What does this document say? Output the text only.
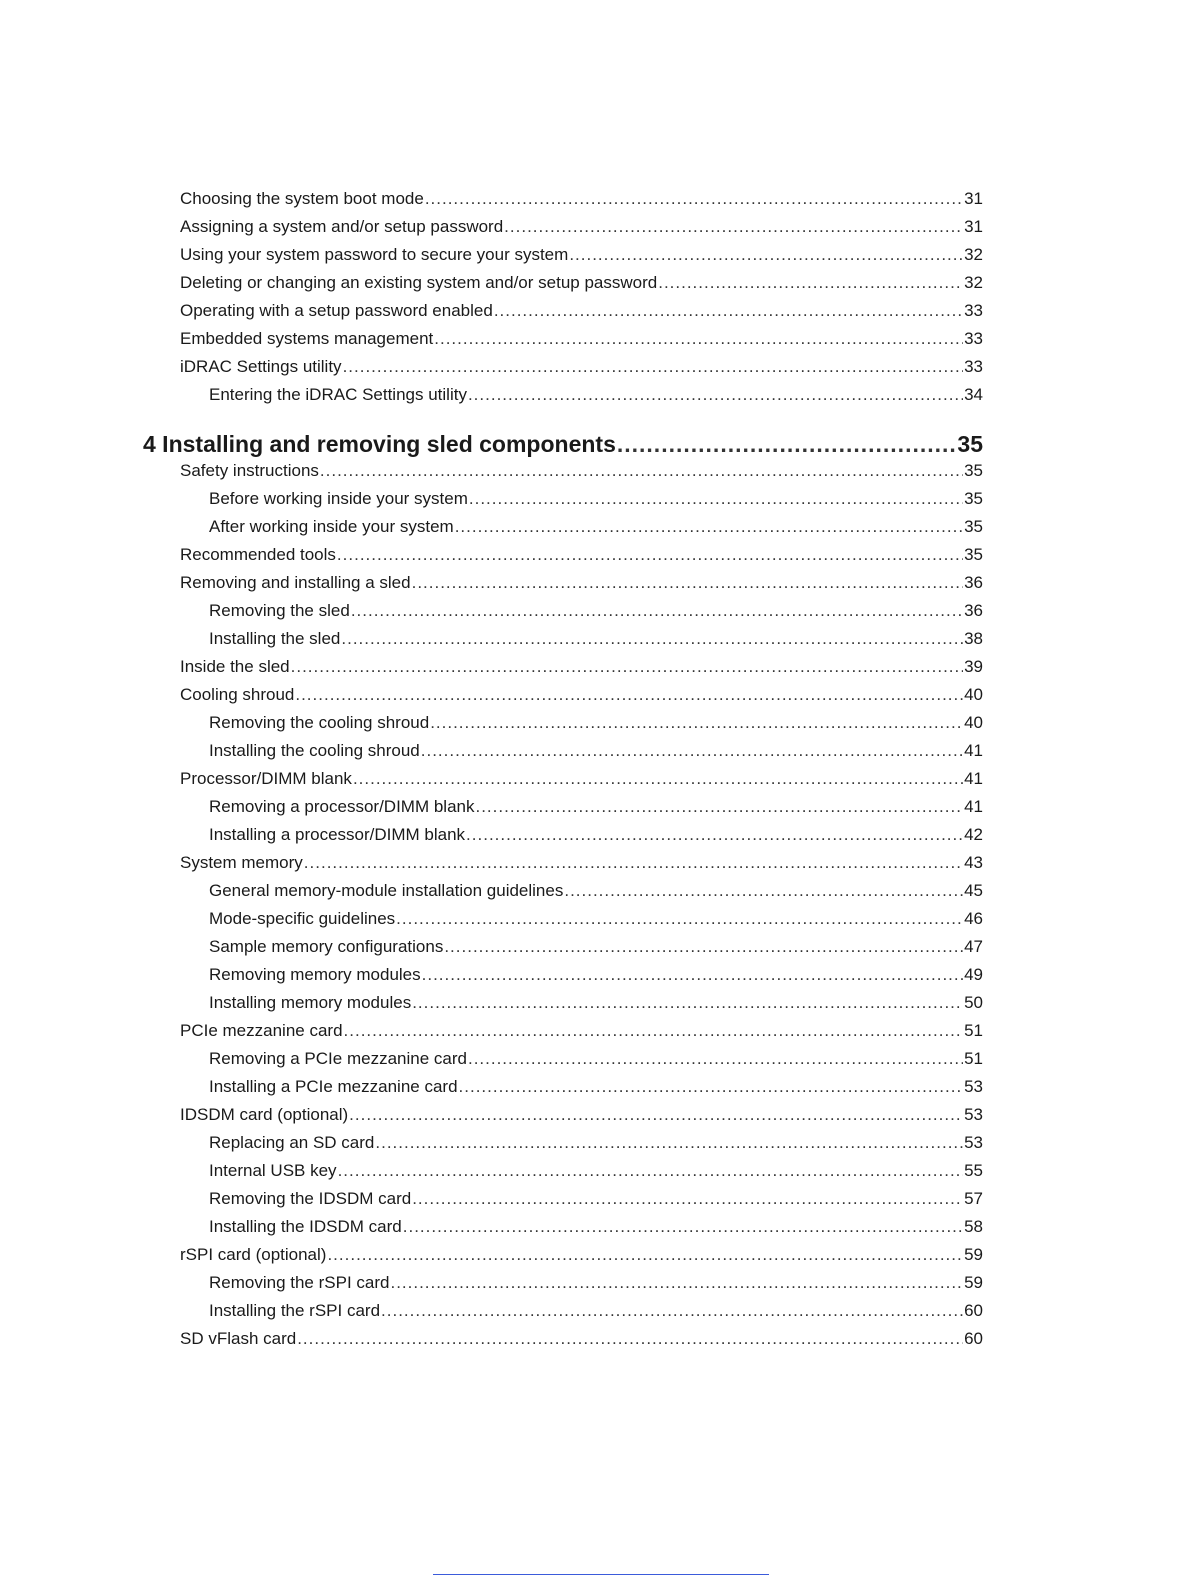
Choosing the system boot mode .....	31
Assigning a system and/or setup password .....	31
Using your system password to secure your system .....	32
Deleting or changing an existing system and/or setup password .....	32
Operating with a setup password enabled .....	33
Embedded systems management .....	33
iDRAC Settings utility .....	33
Entering the iDRAC Settings utility .....	34
4 Installing and removing sled components .....	35
Safety instructions .....	35
Before working inside your system .....	35
After working inside your system .....	35
Recommended tools .....	35
Removing and installing a sled .....	36
Removing the sled .....	36
Installing the sled .....	38
Inside the sled .....	39
Cooling shroud .....	40
Removing the cooling shroud .....	40
Installing the cooling shroud .....	41
Processor/DIMM blank .....	41
Removing a processor/DIMM blank .....	41
Installing a processor/DIMM blank .....	42
System memory .....	43
General memory-module installation guidelines .....	45
Mode-specific guidelines .....	46
Sample memory configurations .....	47
Removing memory modules .....	49
Installing memory modules .....	50
PCIe mezzanine card .....	51
Removing a PCIe mezzanine card .....	51
Installing a PCIe mezzanine card .....	53
IDSDM card (optional) .....	53
Replacing an SD card .....	53
Internal USB key .....	55
Removing the IDSDM card .....	57
Installing the IDSDM card .....	58
rSPI card (optional) .....	59
Removing the rSPI card .....	59
Installing the rSPI card .....	60
SD vFlash card .....	60
